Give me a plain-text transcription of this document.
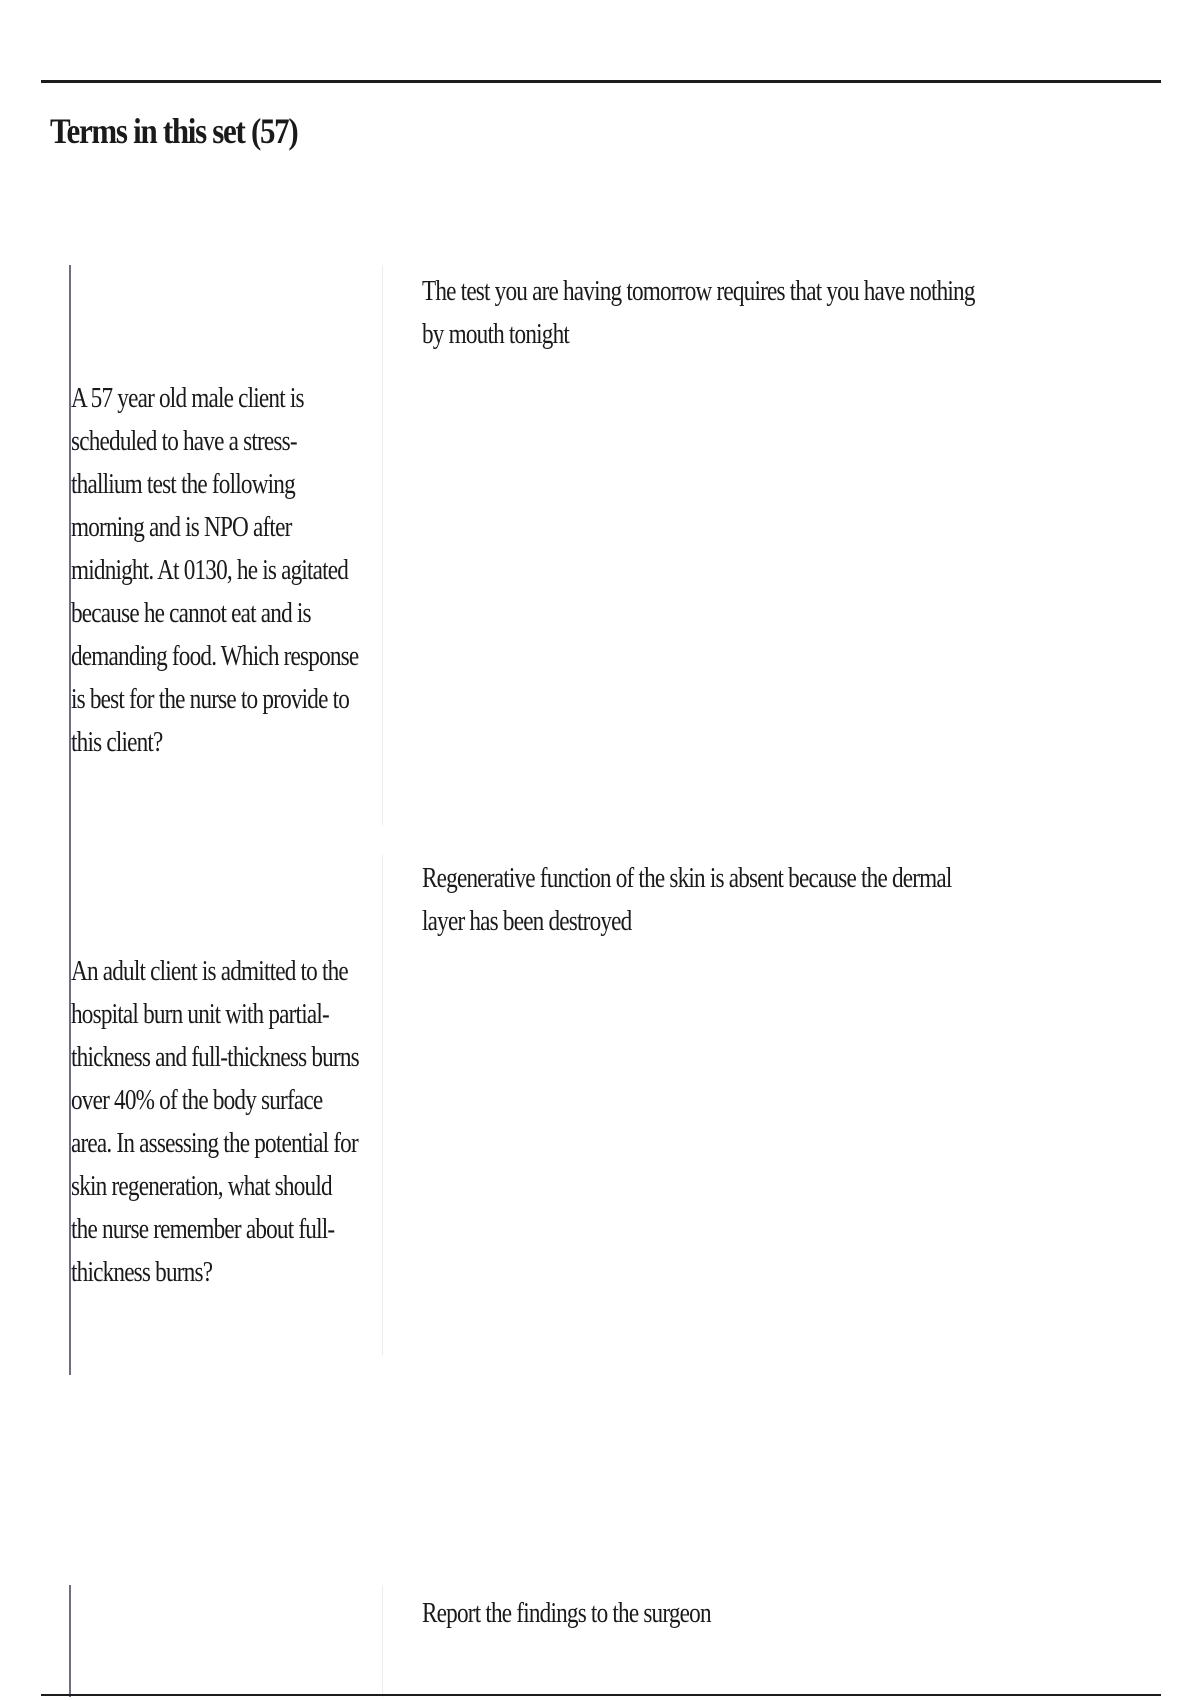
Terms in this set (57)

A 57 year old male client is scheduled to have a stress-thallium test the following morning and is NPO after midnight. At 0130, he is agitated because he cannot eat and is demanding food. Which response is best for the nurse to provide to this client?

The test you are having tomorrow requires that you have nothing by mouth tonight

An adult client is admitted to the hospital burn unit with partial-thickness and full-thickness burns over 40% of the body surface area. In assessing the potential for skin regeneration, what should the nurse remember about full-thickness burns?

Regenerative function of the skin is absent because the dermal layer has been destroyed

Report the findings to the surgeon
